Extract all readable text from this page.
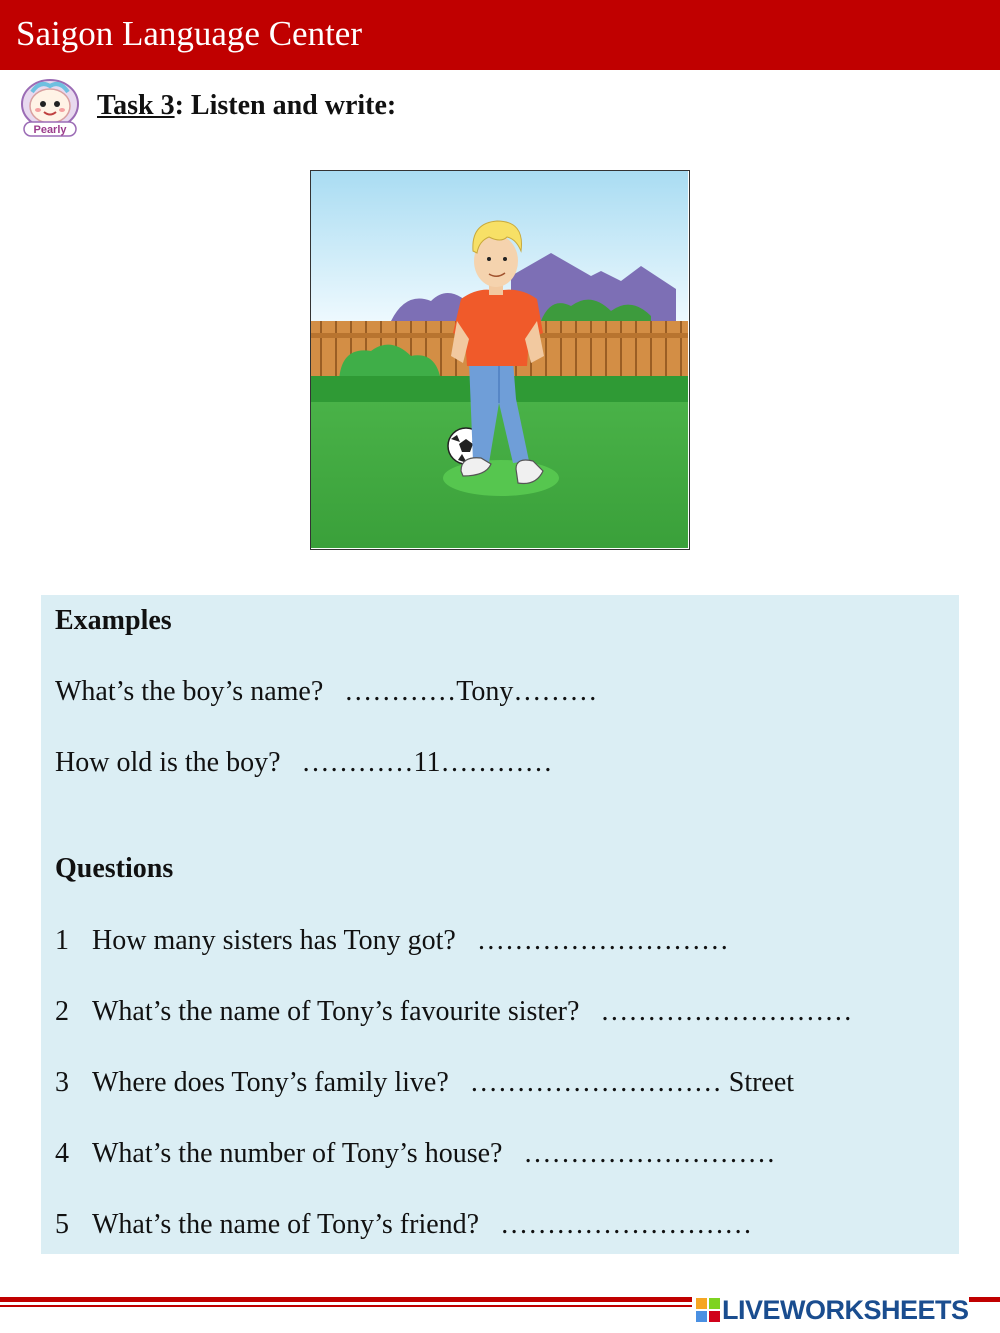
Saigon Language Center
Pearly
Task 3: Listen and write:
Examples
What’s the boy’s name?   …………Tony………
How old is the boy?   …………11…………
Questions
1 How many sisters has Tony got?   ………………………
2 What’s the name of Tony’s favourite sister?   ………………………
3 Where does Tony’s family live?   ……………………… Street
4 What’s the number of Tony’s house?   ………………………
5 What’s the name of Tony’s friend?   ………………………
LIVEWORKSHEETS
